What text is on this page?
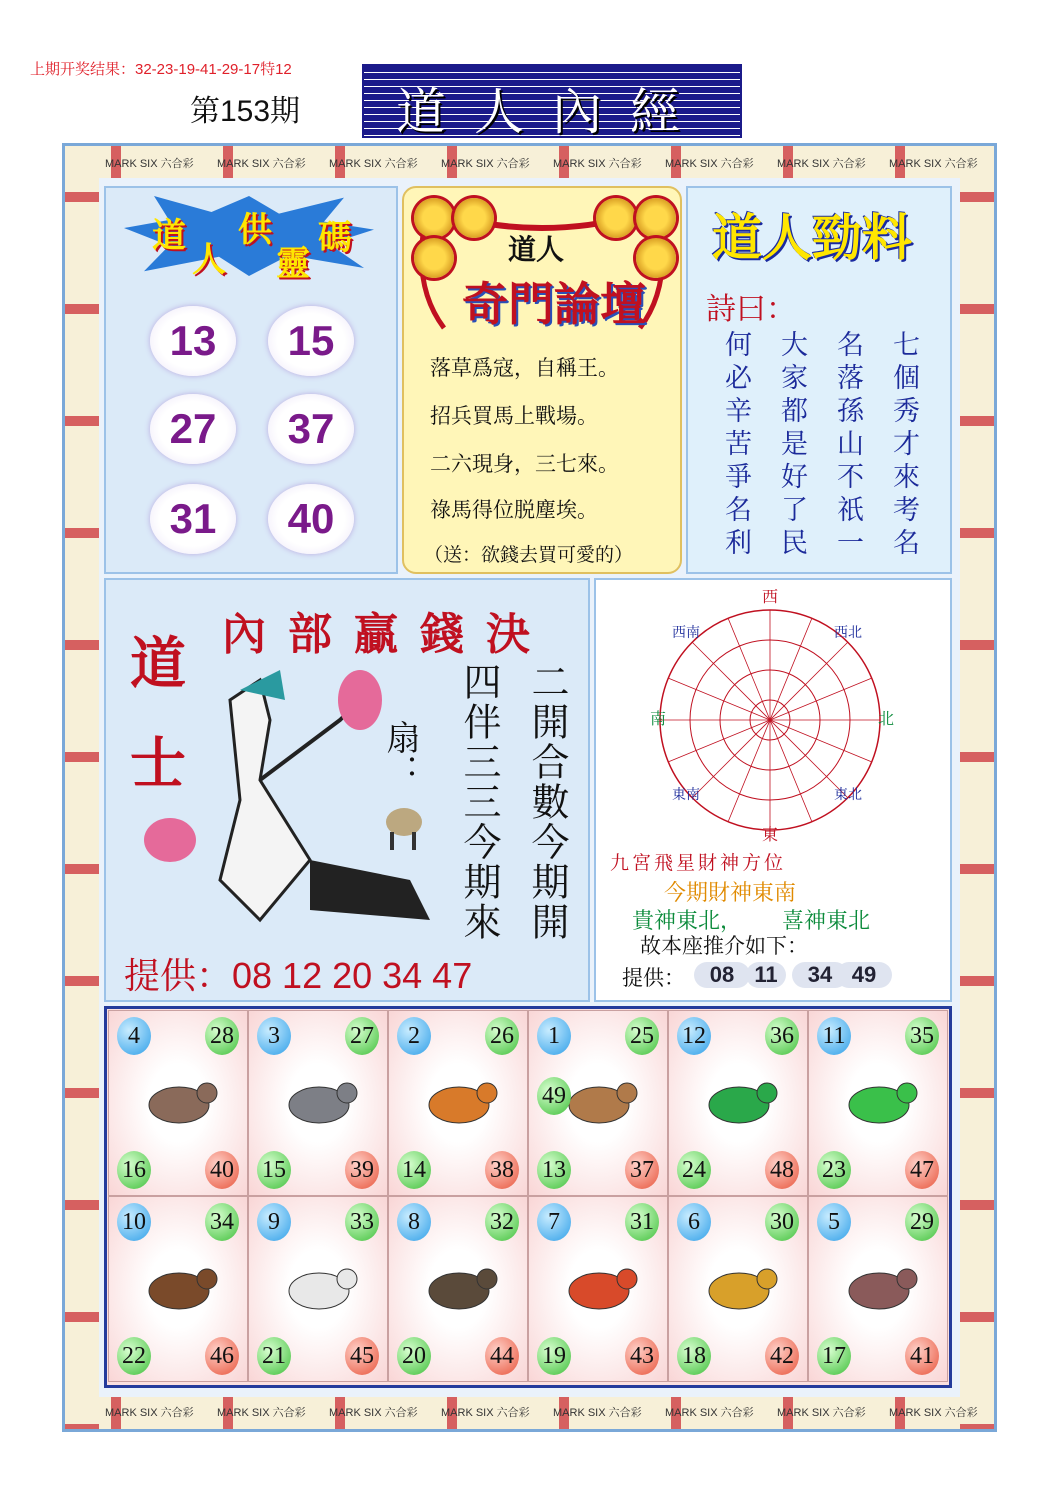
上期开奖结果：32-23-19-41-29-17特12
第153期	道人內經
MARK SIX 六合彩
MARK SIX 六合彩
MARK SIX 六合彩
MARK SIX 六合彩
MARK SIX 六合彩
MARK SIX 六合彩
MARK SIX 六合彩
MARK SIX 六合彩
MARK SIX 六合彩
MARK SIX 六合彩
MARK SIX 六合彩
MARK SIX 六合彩
MARK SIX 六合彩
MARK SIX 六合彩
MARK SIX 六合彩
MARK SIX 六合彩
道
人
供
靈
碼
13	15
27	37
31	40
道人
奇門論壇
落草爲寇，自稱王。
招兵買馬上戰場。
二六現身，三七來。
祿馬得位脱塵埃。
（送：欲錢去買可愛的）
道人勁料
詩曰：
七個秀才來考名
名落孫山不祇一
大家都是好了民
何必辛苦爭名利
內部贏錢決
道
士	扇：	二開合數今期開
四伴三三今期來
提供：08 12 20 34 47
西
東
南	北
西南	西北
東南	東北
九宮飛星財神方位
今期財神東南
貴神東北， 喜神東北
故本座推介如下：
提供：	08 11	34 49
4	28
16	40
3	27
15	39
2	26
14	38
1	25
49
13	37
12	36
24	48
11	35
23	47
10	34
22	46
9	33
21	45
8	32
20	44
7	31
19	43
6	30
18	42
5	29
17	41
